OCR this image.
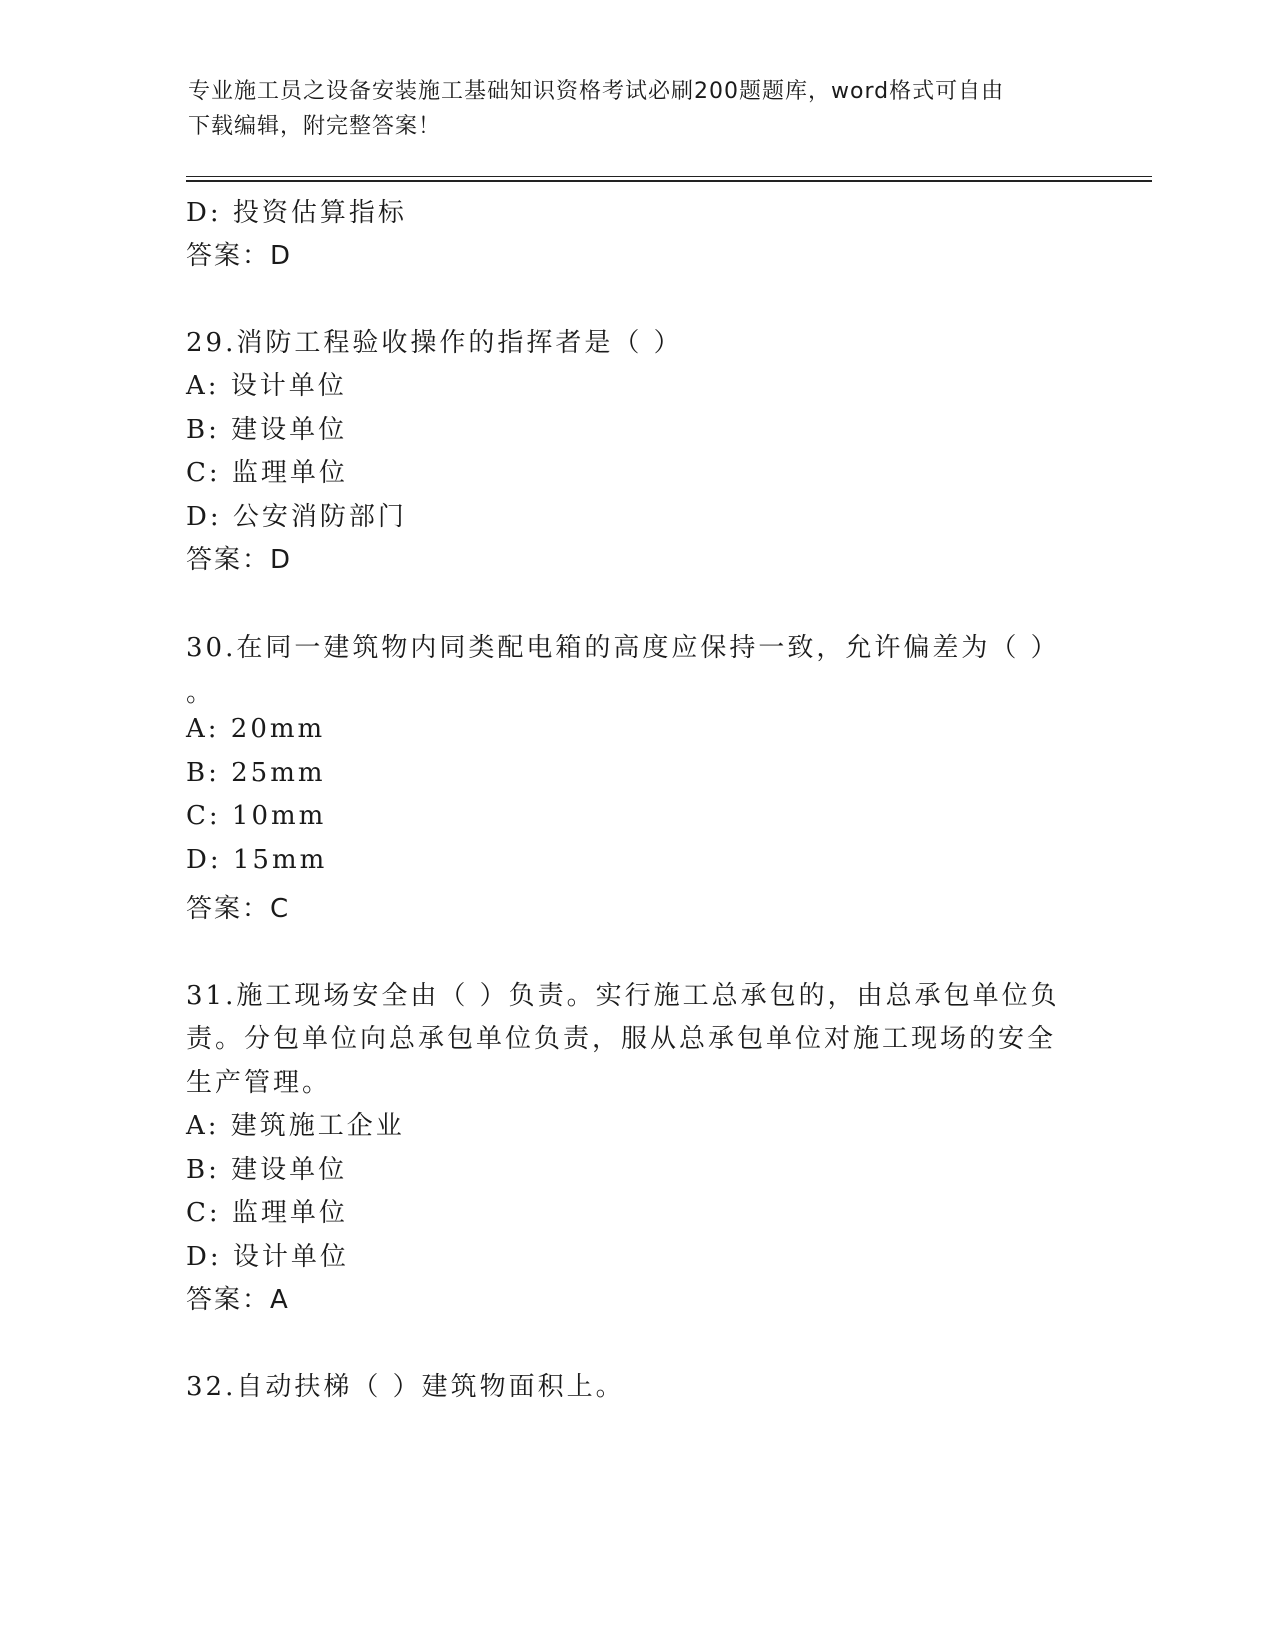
专业施工员之设备安装施工基础知识资格考试必刷200题题库，word格式可自由
下载编辑，附完整答案！
D: 投资估算指标
答案：D
29.消防工程验收操作的指挥者是（ ）
A: 设计单位
B: 建设单位
C: 监理单位
D: 公安消防部门
答案：D
30.在同一建筑物内同类配电箱的高度应保持一致，允许偏差为（ ）
。
A: 20mm
B: 25mm
C: 10mm
D: 15mm
答案：C
31.施工现场安全由（ ）负责。实行施工总承包的，由总承包单位负
责。分包单位向总承包单位负责，服从总承包单位对施工现场的安全
生产管理。
A: 建筑施工企业
B: 建设单位
C: 监理单位
D: 设计单位
答案：A
32.自动扶梯（ ）建筑物面积上。
